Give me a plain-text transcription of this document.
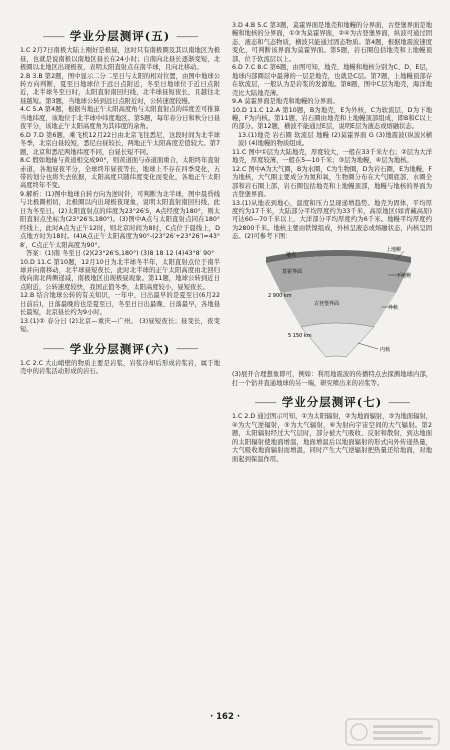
——— 学业分层测评(五) ———

1.C 2月7日南极大陆上刚好是极昼，这时只有南极圈及其以南地区为极昼，也就是说南极以南地区昼长在24小时；自南向北昼长逐渐变短，北极圈以北地区出现极夜，表明太阳直射点在南半球，且向北移动。

2.B 3.B 第2题，图中显示二分二至日与太阳的相对位置，由图中地球公转方向判断，夏至日地球位于远日点附近，冬至日地球位于近日点附近，北半球冬至日时，太阳直射南回归线，北半球昼短夜长，且越往北昼越短。第3题，当地球公转到远日点附近时，公转速度较慢。

4.C 5.A 第4题，根据当地正午太阳高度角与太阳直射点的纬度差可推算当地纬度，该地位于北半球中纬度地区。第5题，每年春分日和秋分日昼夜平分，该地正午太阳高度角为其纬度的余角。

6.D 7.D 第6题，乘飞机12月22日由北京飞往悉尼，这段时间为北半球冬季，北京白昼较短，悉尼白昼较长，两地正午太阳高度差值较大。第7题，北京和悉尼两地纬度不同，白昼长短不同。

8.C 假如地轴与黄道相交成90°，则黄道面与赤道面重合，太阳终年直射赤道，各地昼夜平分，全球终年昼夜等长，地球上不存在四季变化，五带的划分也将失去依据，太阳高度只随纬度变化而变化，各地正午太阳高度终年不变。

9.解析：(1)图中地球自转方向为逆时针，可判断为北半球，图中晨昏线与北极圈相切，北极圈以内出现极夜现象，说明太阳直射南回归线，此日为冬至日。(2)太阳直射点的纬度为23°26′S，A点经度为180°，则太阳直射点坐标为(23°26′S,180°)。(3)图中A点与太阳直射点同在180°经线上，此时A点为正午12时，则北京时间为8时，C点位于晨线上，D点地方时为18时。(4)A点正午太阳高度为90°-(23°26′+23°26′)=43°8′，C点正午太阳高度为90°。

答案：(1)南 冬至日 (2)(23°26′S,180°) (3)8 18 12 (4)43°8′ 90°

10.D 11.C 第10题，12月10日为北半球冬半年，太阳直射点位于南半球并向南移动，北半球昼短夜长，此时北半球的正午太阳高度由北回归线向南北两侧递减，南极地区出现极昼现象。第11题，地球公转到近日点附近，公转速度较快，我国正值冬季，太阳高度较小，昼短夜长。

12.B 结合地球公转的有关知识，一年中，日出最早的是夏至日(6月22日前后)，日落最晚的也是夏至日，冬至日日出最晚、日落最早，各地昼长最短，北京昼长约为9小时。

13.(1)② 春分日 (2)北京—重庆—广州。 (3)昼短夜长；昼变长，夜变短。

——— 学业分层测评(六) ———

1.C 2.C 大山峭壁的物质主要是岩浆，岩浆冷却后形成岩浆岩，属于地壳中的岩浆活动形成的岩石。

3.D 4.B 5.C 第3题，莫霍界面是地壳和地幔的分界面，古登堡界面是地幔和地核的分界面，①③为莫霍界面，②④为古登堡界面，纵波可通过固态、液态和气态物质，横波只能通过固态物质。第4题，根据地震波速度变化，可判断该界面为莫霍界面。第5题，岩石圈包括地壳和上地幔顶部，位于软流层以上。

6.D 7.C 8.C 第6题，由图可知，地壳、地幔和地核分别为C、D、E层，地球内部圈层中最薄的一层是地壳，也就是C层。第7题，上地幔顶部存在软流层，一般认为是岩浆的发源地。第8题，图中C层为地壳，海洋地壳比大陆地壳薄。

9.A 莫霍界面是地壳和地幔的分界面。

10.D 11.C 12.A 第10题，B为地壳，E为外核，C为软流层，D为下地幔，F为内核。第11题，岩石圈由地壳和上地幔顶部组成，即B和C以上的部分。第12题，横波不能通过E层，说明E层为液态或熔融状态。

13.(1)地壳 岩石圈 软流层 地幔 (2)莫霍界面 G (3)地震波(纵波)(横波) (4)地幔的物质组成。

11.C 图中①层为大陆地壳，厚度较大，一般在33千米左右；②层为大洋地壳，厚度较薄，一般在5—10千米；③层为地幔，④层为地核。

12.C 图中A为大气圈，B为水圈，C为生物圈，D为岩石圈，E为地幔，F为地核，大气圈主要成分为氮和氧，生物圈分布在大气圈底部、水圈全部和岩石圈上部，岩石圈包括地壳和上地幔顶部，地幔与地核的界面为古登堡界面。

13.(1)从地表到地心，温度和压力呈现递增趋势。地壳为固体，平均厚度约为17千米，大陆部分平均厚度约为33千米，高原地区(如青藏高原)可达60—70千米以上，大洋部分平均厚度约为6千米。地幔平均厚度约为2800千米。地核主要由铁镍组成，外核呈液态或熔融状态，内核呈固态。(2)可参考下图：

地壳
莫霍界面
上地幔
下地幔
古登堡界面
外核
内核
2 900 km
5 150 km

(3)展开合理想象即可，例如：利用地震波的传播特点去探测地球内部，打一个钻井直通地球的另一端，研究喷出来的岩浆等。

——— 学业分层测评(七) ———

1.C 2.D 通过图示可知，①为太阳辐射，②为地面辐射，③为地面辐射，④为大气逆辐射，⑤为大气辐射，⑥为射向宇宙空间的大气辐射。第2题，太阳辐射经过大气层时，部分被大气吸收、反射和散射，到达地面的太阳辐射使地面增温，地面增温后以地面辐射的形式向外传递热量，大气吸收地面辐射而增温，同时产生大气逆辐射把热量还给地面，对地面起到保温作用。

· 162 ·
